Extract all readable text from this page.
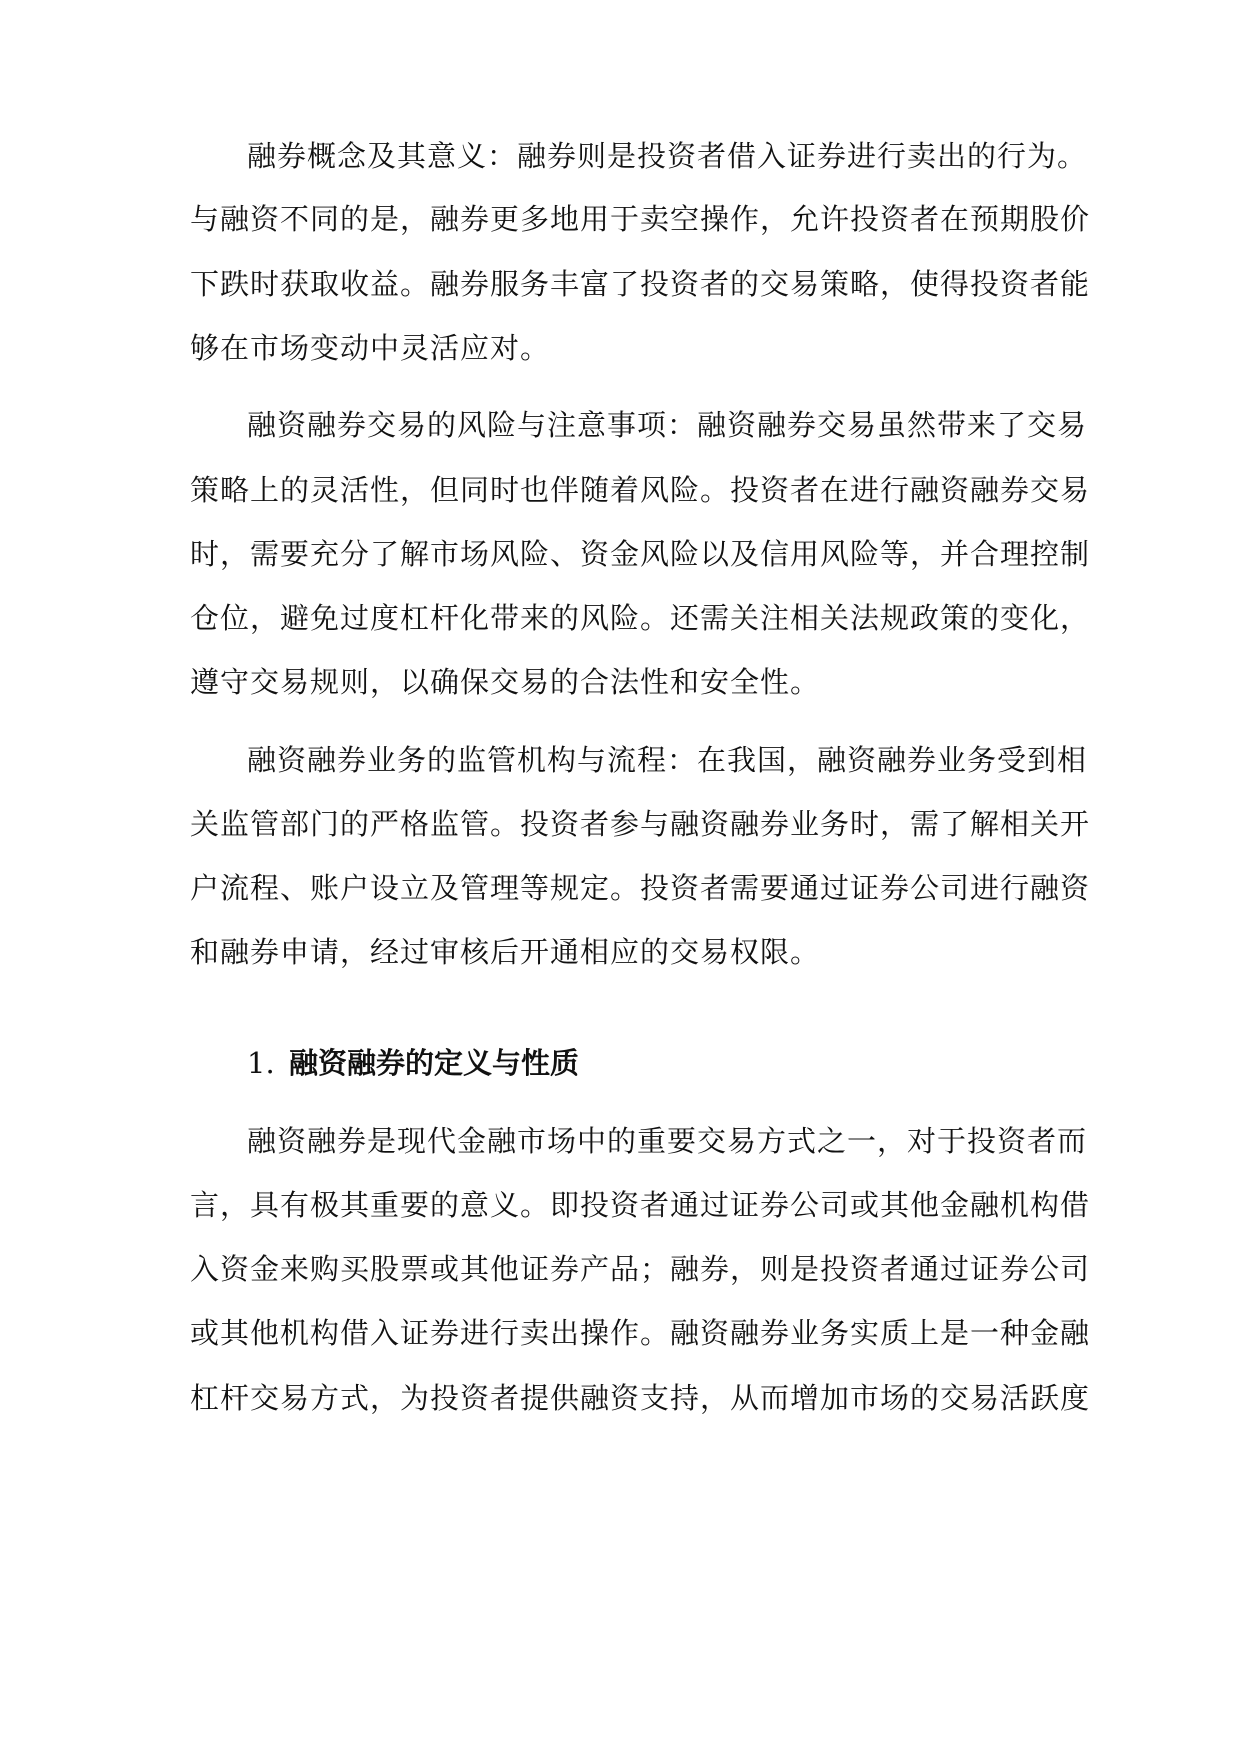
融券概念及其意义：融券则是投资者借入证券进行卖出的行为。
与融资不同的是，融券更多地用于卖空操作，允许投资者在预期股价
下跌时获取收益。融券服务丰富了投资者的交易策略，使得投资者能
够在市场变动中灵活应对。
融资融券交易的风险与注意事项：融资融券交易虽然带来了交易
策略上的灵活性，但同时也伴随着风险。投资者在进行融资融券交易
时，需要充分了解市场风险、资金风险以及信用风险等，并合理控制
仓位，避免过度杠杆化带来的风险。还需关注相关法规政策的变化，
遵守交易规则，以确保交易的合法性和安全性。
融资融券业务的监管机构与流程：在我国，融资融券业务受到相
关监管部门的严格监管。投资者参与融资融券业务时，需了解相关开
户流程、账户设立及管理等规定。投资者需要通过证券公司进行融资
和融券申请，经过审核后开通相应的交易权限。
1. 融资融券的定义与性质
融资融券是现代金融市场中的重要交易方式之一，对于投资者而
言，具有极其重要的意义。即投资者通过证券公司或其他金融机构借
入资金来购买股票或其他证券产品；融券，则是投资者通过证券公司
或其他机构借入证券进行卖出操作。融资融券业务实质上是一种金融
杠杆交易方式，为投资者提供融资支持，从而增加市场的交易活跃度
